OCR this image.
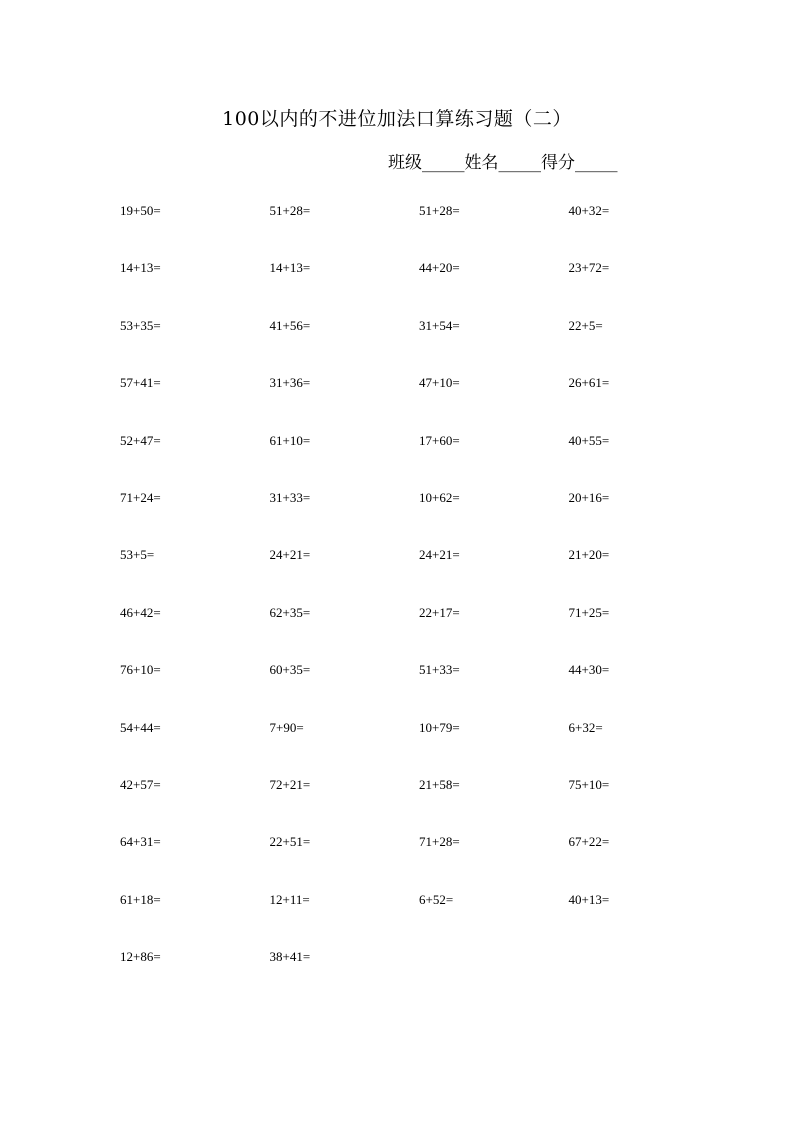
100以内的不进位加法口算练习题（二）
班级_____姓名_____得分_____
19+50=	51+28=	51+28=	40+32=
14+13=	14+13=	44+20=	23+72=
53+35=	41+56=	31+54=	22+5=
57+41=	31+36=	47+10=	26+61=
52+47=	61+10=	17+60=	40+55=
71+24=	31+33=	10+62=	20+16=
53+5=	24+21=	24+21=	21+20=
46+42=	62+35=	22+17=	71+25=
76+10=	60+35=	51+33=	44+30=
54+44=	7+90=	10+79=	6+32=
42+57=	72+21=	21+58=	75+10=
64+31=	22+51=	71+28=	67+22=
61+18=	12+11=	6+52=	40+13=
12+86=	38+41=
